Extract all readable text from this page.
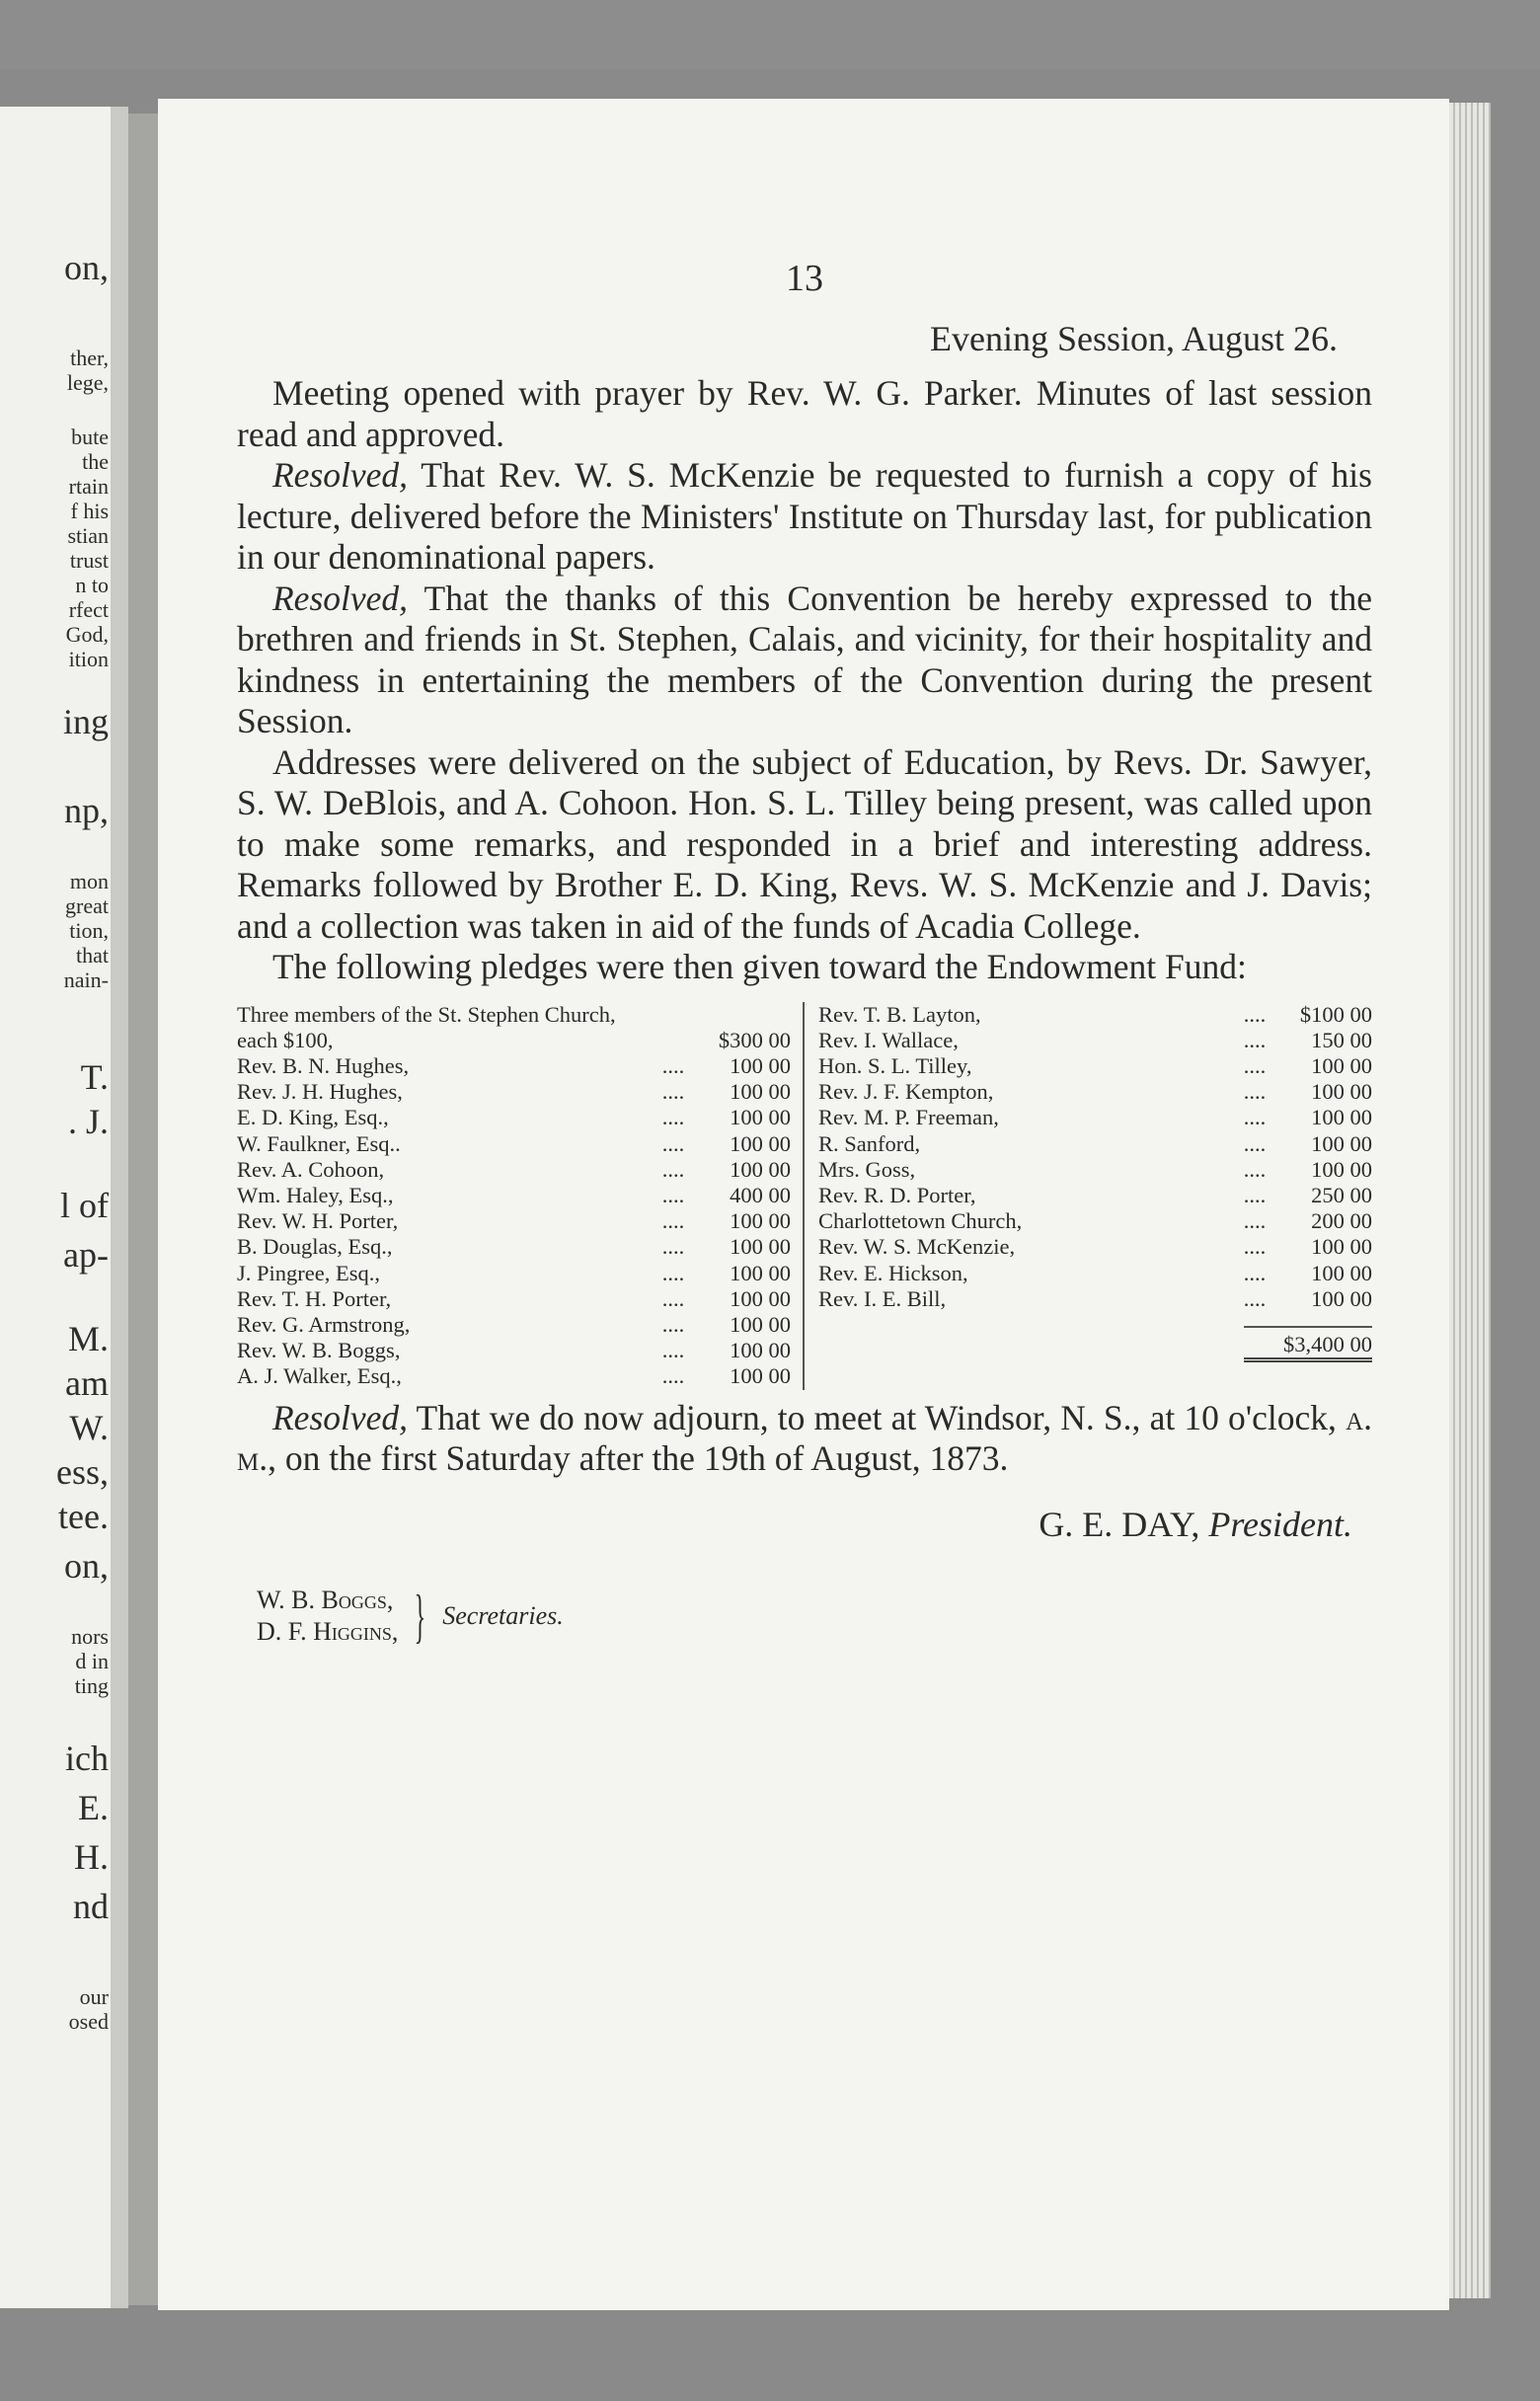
on,
ther,
lege,
bute
the
rtain
f his
stian
trust
n to
rfect
God,
ition
ing
np,
mon
great
tion,
that
nain-
T.
. J.
l of
ap-
M.
am
W.
ess,
tee.
on,
nors
d in
ting
ich
E.
H.
nd
our
osed
13
Evening Session, August 26.

Meeting opened with prayer by Rev. W. G. Parker. Minutes of last session read and approved.

Resolved, That Rev. W. S. McKenzie be requested to furnish a copy of his lecture, delivered before the Ministers' Institute on Thursday last, for publication in our denominational papers.

Resolved, That the thanks of this Convention be hereby expressed to the brethren and friends in St. Stephen, Calais, and vicinity, for their hospitality and kindness in entertaining the members of the Convention during the present Session.

Addresses were delivered on the subject of Education, by Revs. Dr. Sawyer, S. W. DeBlois, and A. Cohoon. Hon. S. L. Tilley being present, was called upon to make some remarks, and responded in a brief and interesting address. Remarks followed by Brother E. D. King, Revs. W. S. McKenzie and J. Davis; and a collection was taken in aid of the funds of Acadia College.

The following pledges were then given toward the Endowment Fund:

Three members of the St. Stephen Church, each $100,	$300 00
Rev. B. N. Hughes,	....	100 00
Rev. J. H. Hughes,	....	100 00
E. D. King, Esq.,	....	100 00
W. Faulkner, Esq..	....	100 00
Rev. A. Cohoon,	....	100 00
Wm. Haley, Esq.,	....	400 00
Rev. W. H. Porter,	....	100 00
B. Douglas, Esq.,	....	100 00
J. Pingree, Esq.,	....	100 00
Rev. T. H. Porter,	....	100 00
Rev. G. Armstrong,	....	100 00
Rev. W. B. Boggs,	....	100 00
A. J. Walker, Esq.,	....	100 00
Rev. T. B. Layton,	....	$100 00
Rev. I. Wallace,	....	150 00
Hon. S. L. Tilley,	....	100 00
Rev. J. F. Kempton,	....	100 00
Rev. M. P. Freeman,	....	100 00
R. Sanford,	....	100 00
Mrs. Goss,	....	100 00
Rev. R. D. Porter,	....	250 00
Charlottetown Church,	....	200 00
Rev. W. S. McKenzie,	....	100 00
Rev. E. Hickson,	....	100 00
Rev. I. E. Bill,	....	100 00
$3,400 00

Resolved, That we do now adjourn, to meet at Windsor, N. S., at 10 o'clock, a. m., on the first Saturday after the 19th of August, 1873.

G. E. DAY, President.
W. B. Boggs,
D. F. Higgins, } Secretaries.
